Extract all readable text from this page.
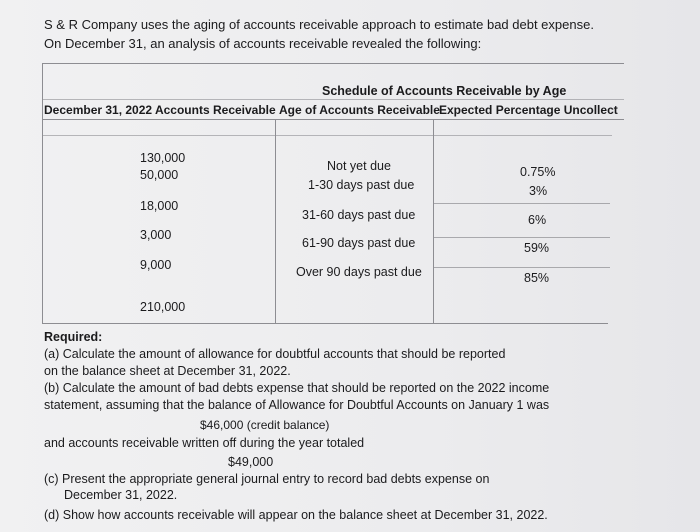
S & R Company uses the aging of accounts receivable approach to estimate bad debt expense.
On December 31, an analysis of accounts receivable revealed the following:
Schedule of Accounts Receivable by Age
December 31, 2022 Accounts Receivable Age of Accounts Receivable Expected Percentage Uncollect
130,000
50,000
18,000
3,000
9,000
210,000
Not yet due
1-30 days past due
31-60 days past due
61-90 days past due
Over 90 days past due
0.75%
3%
6%
59%
85%
Required:
(a) Calculate the amount of allowance for doubtful accounts that should be reported
on the balance sheet at December 31, 2022.
(b) Calculate the amount of bad debts expense that should be reported on the 2022 income
statement, assuming that the balance of Allowance for Doubtful Accounts on January 1 was
$46,000 (credit balance)
and accounts receivable written off during the year totaled
$49,000
(c) Present the appropriate general journal entry to record bad debts expense on
December 31, 2022.
(d) Show how accounts receivable will appear on the balance sheet at December 31, 2022.
